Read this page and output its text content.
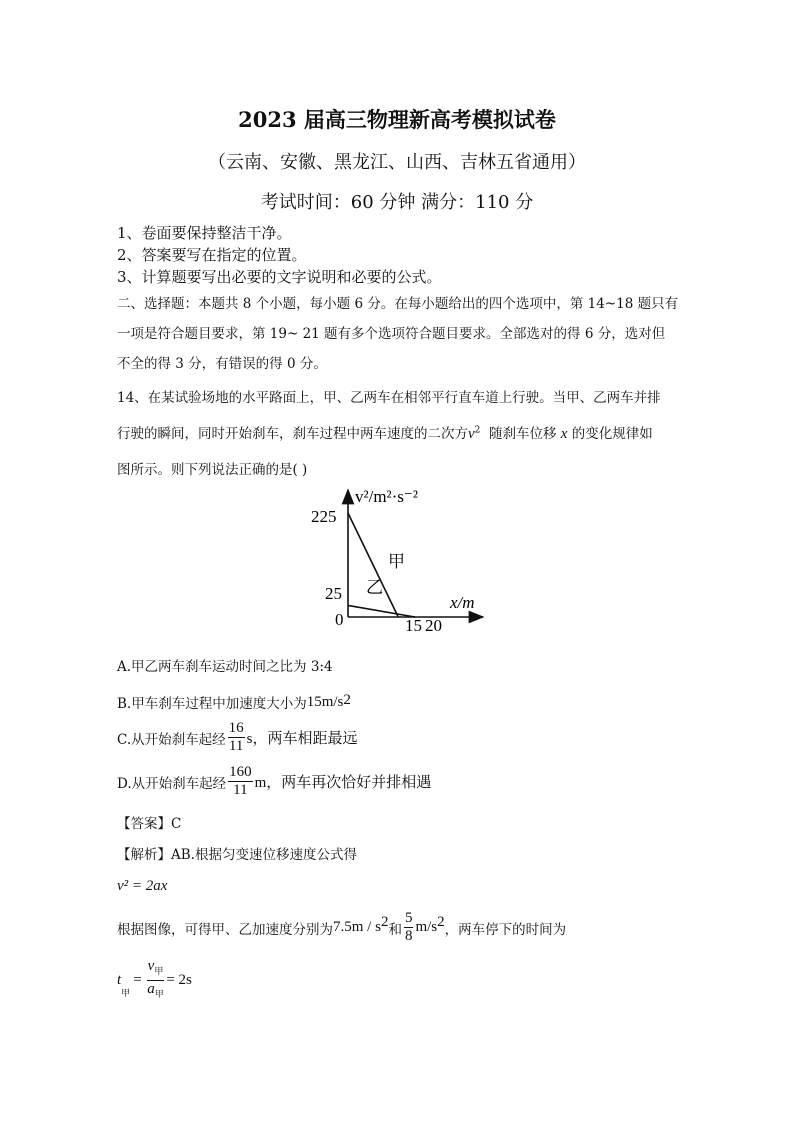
2023 届高三物理新高考模拟试卷
（云南、安徽、黑龙江、山西、吉林五省通用）
考试时间：60 分钟 满分：110 分
1、卷面要保持整洁干净。
2、答案要写在指定的位置。
3、计算题要写出必要的文字说明和必要的公式。
二、选择题：本题共 8 个小题，每小题 6 分。在每小题给出的四个选项中，第 14~18 题只有
一项是符合题目要求，第 19~ 21 题有多个选项符合题目要求。全部选对的得 6 分，选对但
不全的得 3 分，有错误的得 0 分。
14、在某试验场地的水平路面上，甲、乙两车在相邻平行直车道上行驶。当甲、乙两车并排
行驶的瞬间，同时开始刹车，刹车过程中两车速度的二次方$v^2$ 随刹车位移 x 的变化规律如
图所示。则下列说法正确的是( )
v²/m²·s⁻²
x/m
0
225
25
15 20
甲
乙
A.甲乙两车刹车运动时间之比为 3:4
B.甲车刹车过程中加速度大小为 15m/s 2
C.从开始刹车起经 $\frac{16}{11}$ s，两车相距最远
D.从开始刹车起经 $\frac{160}{11}$ m，两车再次恰好并排相遇
【答案】C
【解析】AB.根据匀变速位移速度公式得
v² = 2ax
根据图像，可得甲、乙加速度分别为 7.5m / s 2 和 $\frac{5}{8} m/s$ 2 ，两车停下的时间为
t
$_甲$
= $\frac{v_甲}{a_甲} = 2s$
